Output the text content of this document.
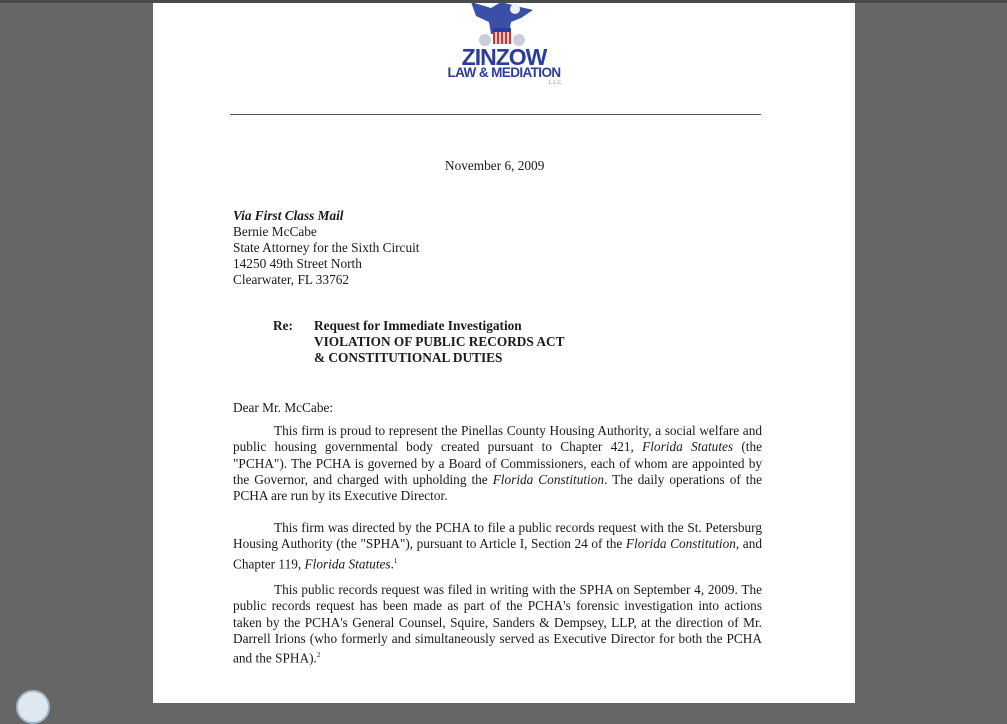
ZINZOW
LAW & MEDIATION
L.L.C.
November 6, 2009
Via First Class Mail
Bernie McCabe
State Attorney for the Sixth Circuit
14250 49th Street North
Clearwater, FL 33762
Re: Request for Immediate Investigation
VIOLATION OF PUBLIC RECORDS ACT
& CONSTITUTIONAL DUTIES
Dear Mr. McCabe:

This firm is proud to represent the Pinellas County Housing Authority, a social welfare and public housing governmental body created pursuant to Chapter 421, Florida Statutes (the "PCHA"). The PCHA is governed by a Board of Commissioners, each of whom are appointed by the Governor, and charged with upholding the Florida Constitution. The daily operations of the PCHA are run by its Executive Director.

This firm was directed by the PCHA to file a public records request with the St. Petersburg Housing Authority (the "SPHA"), pursuant to Article I, Section 24 of the Florida Constitution, and Chapter 119, Florida Statutes.$^1$

This public records request was filed in writing with the SPHA on September 4, 2009. The public records request has been made as part of the PCHA's forensic investigation into actions taken by the PCHA's General Counsel, Squire, Sanders & Dempsey, LLP, at the direction of Mr. Darrell Irions (who formerly and simultaneously served as Executive Director for both the PCHA and the SPHA).$^2$
